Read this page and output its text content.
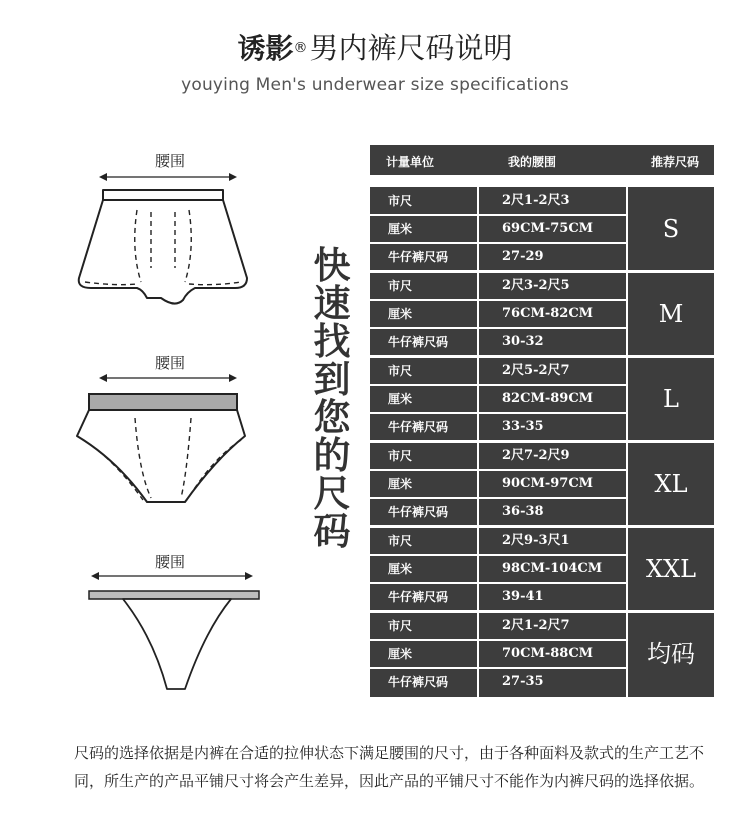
诱影®男内裤尺码说明
youying Men's underwear size specifications
腰围
腰围
腰围
快
速
找
到
您
的
尺
码
计量单位	我的腰围	推荐尺码
市尺	2尺1-2尺3
厘米	69CM-75CM
牛仔裤尺码	27-29
S
市尺	2尺3-2尺5
厘米	76CM-82CM
牛仔裤尺码	30-32
M
市尺	2尺5-2尺7
厘米	82CM-89CM
牛仔裤尺码	33-35
L
市尺	2尺7-2尺9
厘米	90CM-97CM
牛仔裤尺码	36-38
XL
市尺	2尺9-3尺1
厘米	98CM-104CM
牛仔裤尺码	39-41
XXL
市尺	2尺1-2尺7
厘米	70CM-88CM
牛仔裤尺码	27-35
均码
尺码的选择依据是内裤在合适的拉伸状态下满足腰围的尺寸，由于各种面料及款式的生产工艺不同，所生产的产品平铺尺寸将会产生差异，因此产品的平铺尺寸不能作为内裤尺码的选择依据。
